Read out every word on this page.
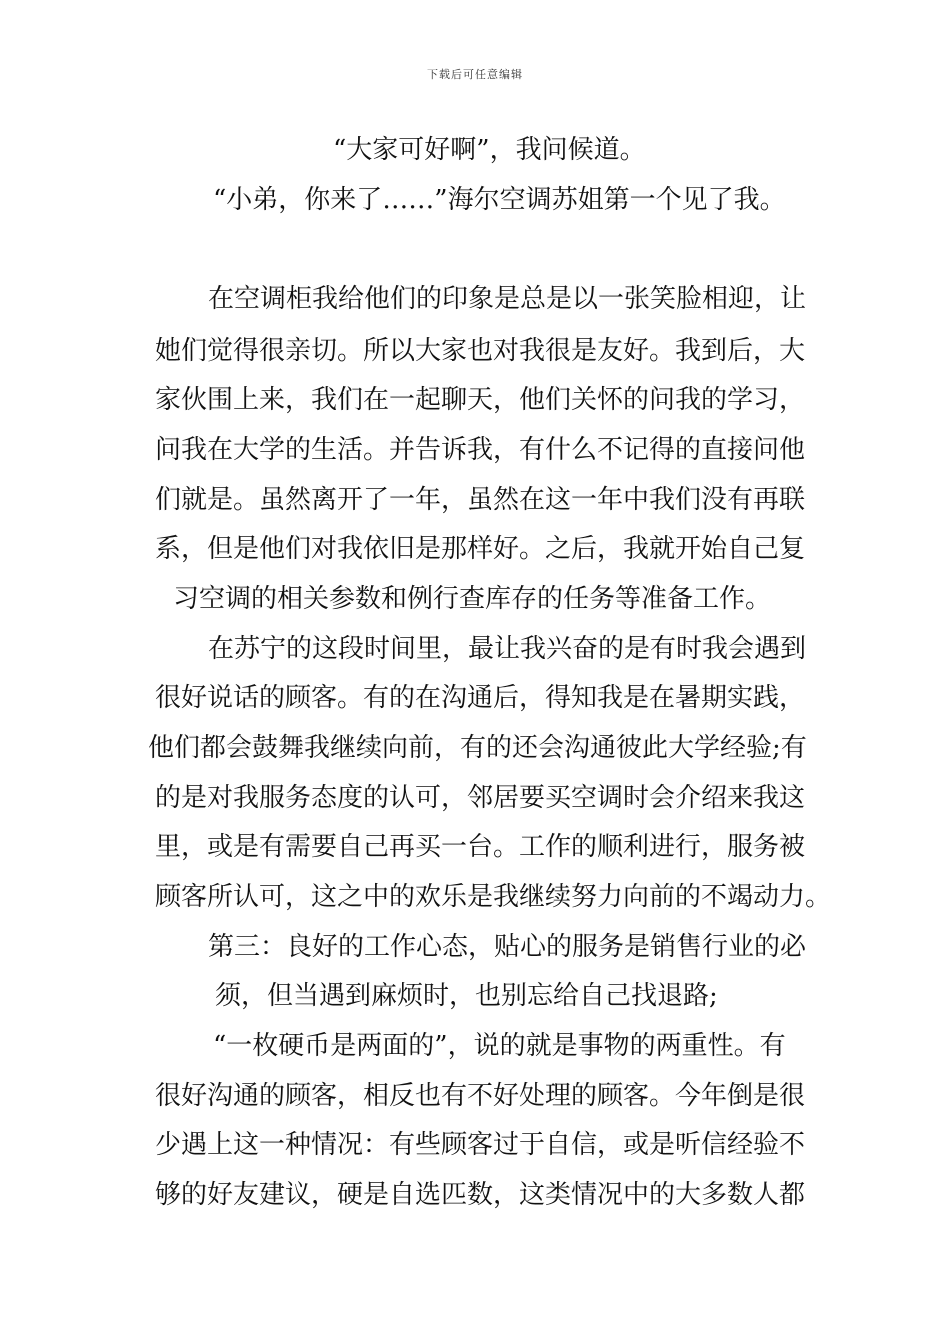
下载后可任意编辑
“大家可好啊”，我问候道。
“小弟，你来了……”海尔空调苏姐第一个见了我。
在空调柜我给他们的印象是总是以一张笑脸相迎，让
她们觉得很亲切。所以大家也对我很是友好。我到后，大
家伙围上来，我们在一起聊天，他们关怀的问我的学习，
问我在大学的生活。并告诉我，有什么不记得的直接问他
们就是。虽然离开了一年，虽然在这一年中我们没有再联
系，但是他们对我依旧是那样好。之后，我就开始自己复
习空调的相关参数和例行查库存的任务等准备工作。
在苏宁的这段时间里，最让我兴奋的是有时我会遇到
很好说话的顾客。有的在沟通后，得知我是在暑期实践，
他们都会鼓舞我继续向前，有的还会沟通彼此大学经验;有
的是对我服务态度的认可，邻居要买空调时会介绍来我这
里，或是有需要自己再买一台。工作的顺利进行，服务被
顾客所认可，这之中的欢乐是我继续努力向前的不竭动力。
第三：良好的工作心态，贴心的服务是销售行业的必
须，但当遇到麻烦时，也别忘给自己找退路;
“一枚硬币是两面的”，说的就是事物的两重性。有
很好沟通的顾客，相反也有不好处理的顾客。今年倒是很
少遇上这一种情况：有些顾客过于自信，或是听信经验不
够的好友建议，硬是自选匹数，这类情况中的大多数人都
